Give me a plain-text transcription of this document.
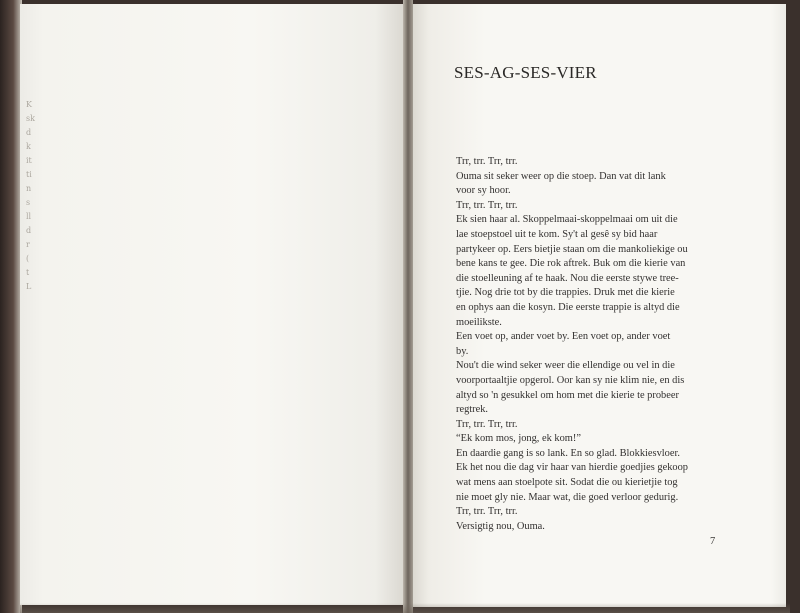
K
sk
d
k
it
ti
n
s
ll
d
r
(
t
L
SES-AG-SES-VIER
Trr, trr. Trr, trr.
Ouma sit seker weer op die stoep. Dan vat dit lank
voor sy hoor.
Trr, trr. Trr, trr.
Ek sien haar al. Skoppelmaai-skoppelmaai om uit die
lae stoepstoel uit te kom. Sy't al gesê sy bid haar
partykeer op. Eers bietjie staan om die mankoliekige ou
bene kans te gee. Die rok aftrek. Buk om die kierie van
die stoelleuning af te haak. Nou die eerste stywe tree-
tjie. Nog drie tot by die trappies. Druk met die kierie
en ophys aan die kosyn. Die eerste trappie is altyd die
moeilikste.
Een voet op, ander voet by. Een voet op, ander voet
by.
Nou't die wind seker weer die ellendige ou vel in die
voorportaaltjie opgerol. Oor kan sy nie klim nie, en dis
altyd so 'n gesukkel om hom met die kierie te probeer
regtrek.
Trr, trr. Trr, trr.
“Ek kom mos, jong, ek kom!”
En daardie gang is so lank. En so glad. Blokkiesvloer.
Ek het nou die dag vir haar van hierdie goedjies gekoop
wat mens aan stoelpote sit. Sodat die ou kierietjie tog
nie moet gly nie. Maar wat, die goed verloor gedurig.
Trr, trr. Trr, trr.
Versigtig nou, Ouma.
7
